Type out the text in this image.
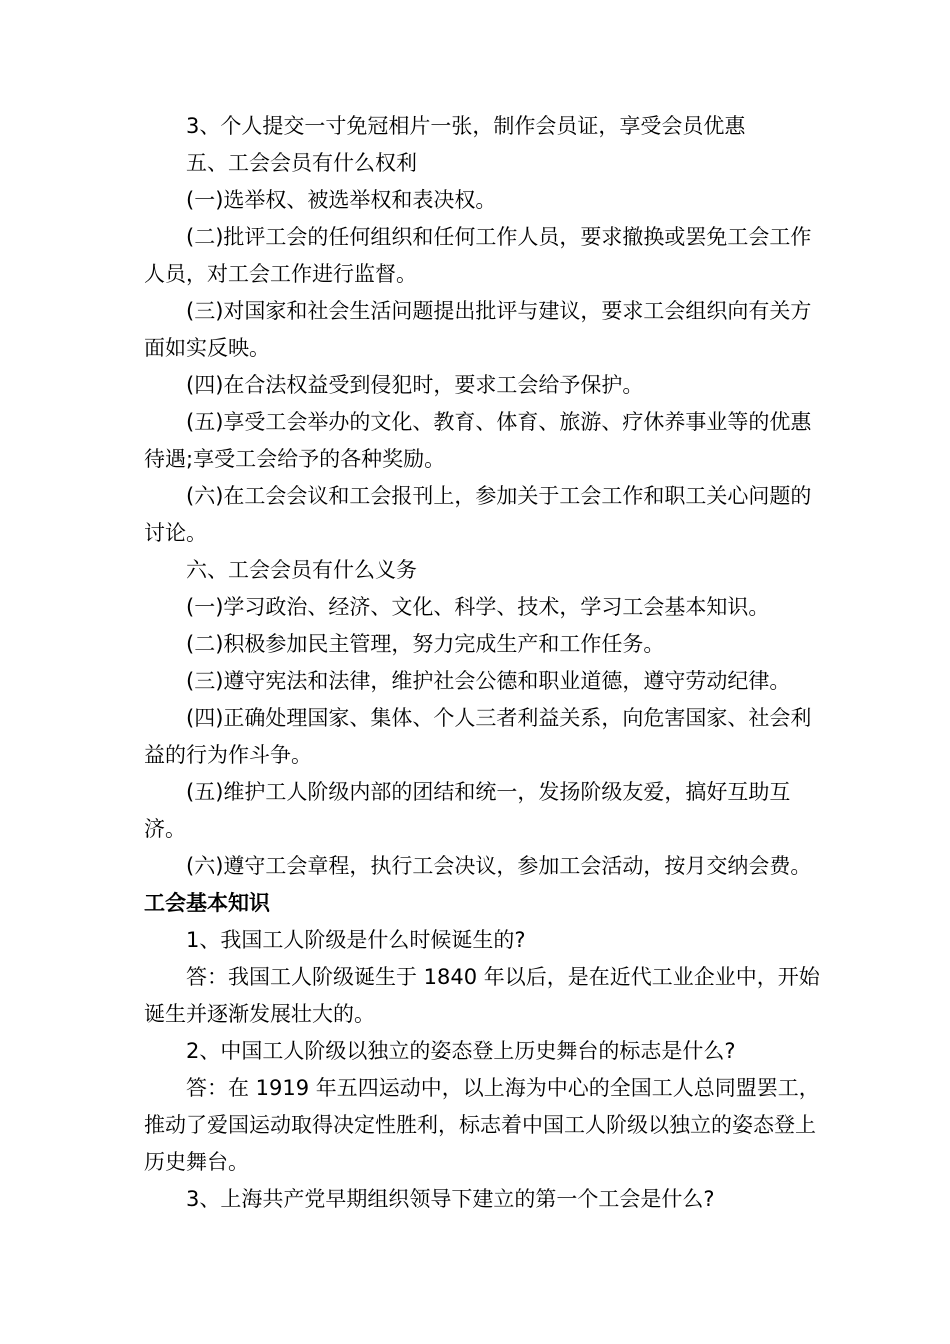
3、个人提交一寸免冠相片一张，制作会员证，享受会员优惠

五、工会会员有什么权利

(一)选举权、被选举权和表决权。

(二)批评工会的任何组织和任何工作人员，要求撤换或罢免工会工作人员，对工会工作进行监督。

(三)对国家和社会生活问题提出批评与建议，要求工会组织向有关方面如实反映。

(四)在合法权益受到侵犯时，要求工会给予保护。

(五)享受工会举办的文化、教育、体育、旅游、疗休养事业等的优惠待遇;享受工会给予的各种奖励。

(六)在工会会议和工会报刊上，参加关于工会工作和职工关心问题的讨论。

六、工会会员有什么义务

(一)学习政治、经济、文化、科学、技术，学习工会基本知识。

(二)积极参加民主管理，努力完成生产和工作任务。

(三)遵守宪法和法律，维护社会公德和职业道德，遵守劳动纪律。

(四)正确处理国家、集体、个人三者利益关系，向危害国家、社会利益的行为作斗争。

(五)维护工人阶级内部的团结和统一，发扬阶级友爱，搞好互助互济。

(六)遵守工会章程，执行工会决议，参加工会活动，按月交纳会费。

工会基本知识

1、我国工人阶级是什么时候诞生的?

答：我国工人阶级诞生于 1840 年以后，是在近代工业企业中，开始诞生并逐渐发展壮大的。

2、中国工人阶级以独立的姿态登上历史舞台的标志是什么?

答：在 1919 年五四运动中，以上海为中心的全国工人总同盟罢工，推动了爱国运动取得决定性胜利，标志着中国工人阶级以独立的姿态登上历史舞台。

3、上海共产党早期组织领导下建立的第一个工会是什么?
